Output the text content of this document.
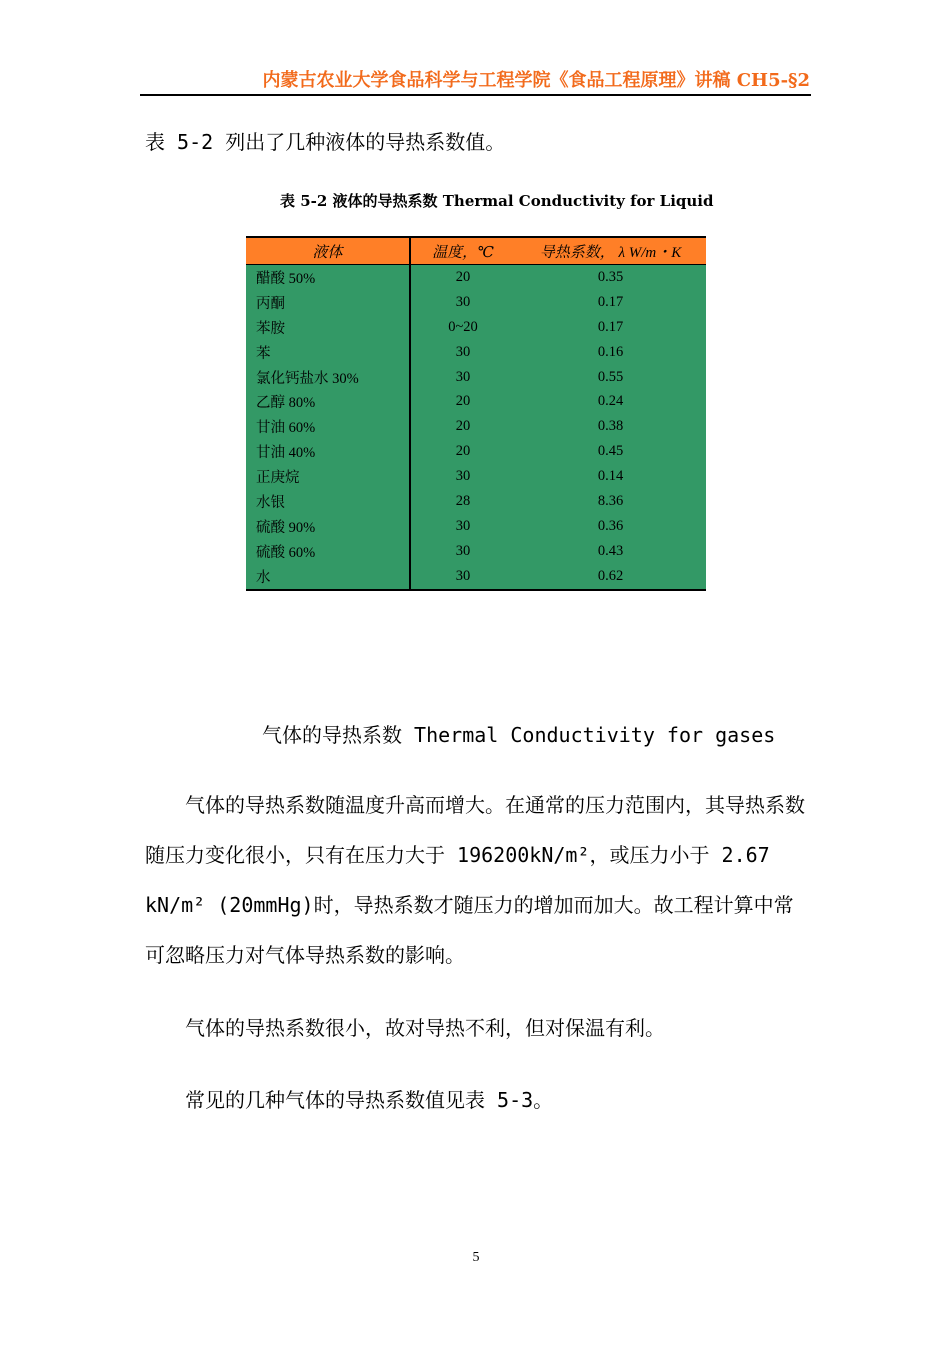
内蒙古农业大学食品科学与工程学院《食品工程原理》讲稿 CH5-§2
表 5-2 列出了几种液体的导热系数值。
表 5-2 液体的导热系数 Thermal Conductivity for Liquid
液体	温度，℃	导热系数， λ W/m・K
醋酸 50%	20	0.35
丙酮	30	0.17
苯胺	0~20	0.17
苯	30	0.16
氯化钙盐水 30%	30	0.55
乙醇 80%	20	0.24
甘油 60%	20	0.38
甘油 40%	20	0.45
正庚烷	30	0.14
水银	28	8.36
硫酸 90%	30	0.36
硫酸 60%	30	0.43
水	30	0.62
气体的导热系数 Thermal Conductivity for gases
　　气体的导热系数随温度升高而增大。在通常的压力范围内，其导热系数随压力变化很小，只有在压力大于 196200kN/m²，或压力小于 2.67 kN/m² (20mmHg)时，导热系数才随压力的增加而加大。故工程计算中常可忽略压力对气体导热系数的影响。
　　气体的导热系数很小，故对导热不利，但对保温有利。
　　常见的几种气体的导热系数值见表 5-3。
5
